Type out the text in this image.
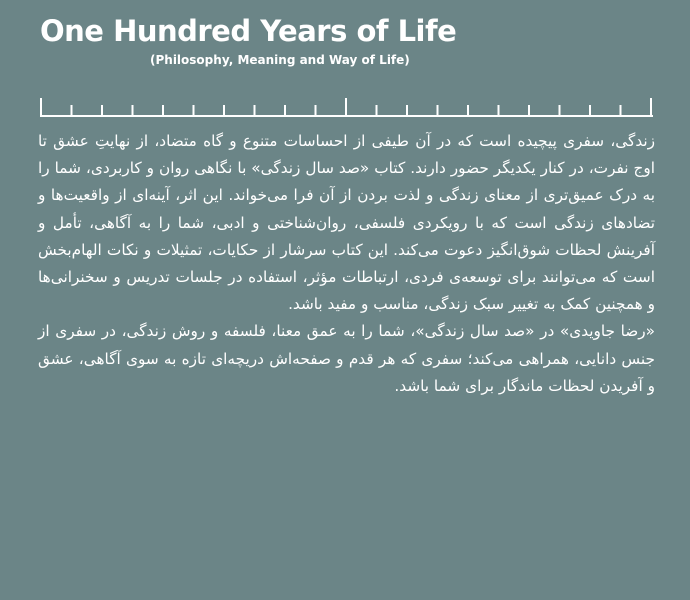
One Hundred Years of Life
(Philosophy, Meaning and Way of Life)

زندگی، سفری پیچیده است که در آن طیفی از احساسات متنوع و گاه متضاد، از نهایتِ عشق تا اوج نفرت، در کنار یکدیگر حضور دارند. کتاب «صد سال زندگی» با نگاهی روان و کاربردی، شما را به درک عمیق‌تری از معنای زندگی و لذت بردن از آن فرا می‌خواند. این اثر، آینه‌ای از واقعیت‌ها و تضادهای زندگی است که با رویکردی فلسفی، روان‌شناختی و ادبی، شما را به آگاهی، تأمل و آفرینش لحظات شوق‌انگیز دعوت می‌کند. این کتاب سرشار از حکایات، تمثیلات و نکات الهام‌بخش است که می‌توانند برای توسعه‌ی فردی، ارتباطات مؤثر، استفاده در جلسات تدریس و سخنرانی‌ها و همچنین کمک به تغییر سبک زندگی، مناسب و مفید باشد.

«رضا جاویدی» در «صد سال زندگی»، شما را به عمق معنا، فلسفه و روش زندگی، در سفری از جنس دانایی، همراهی می‌کند؛ سفری که هر قدم و صفحه‌اش دریچه‌ای تازه به سوی آگاهی، عشق و آفریدن لحظات ماندگار برای شما باشد.
